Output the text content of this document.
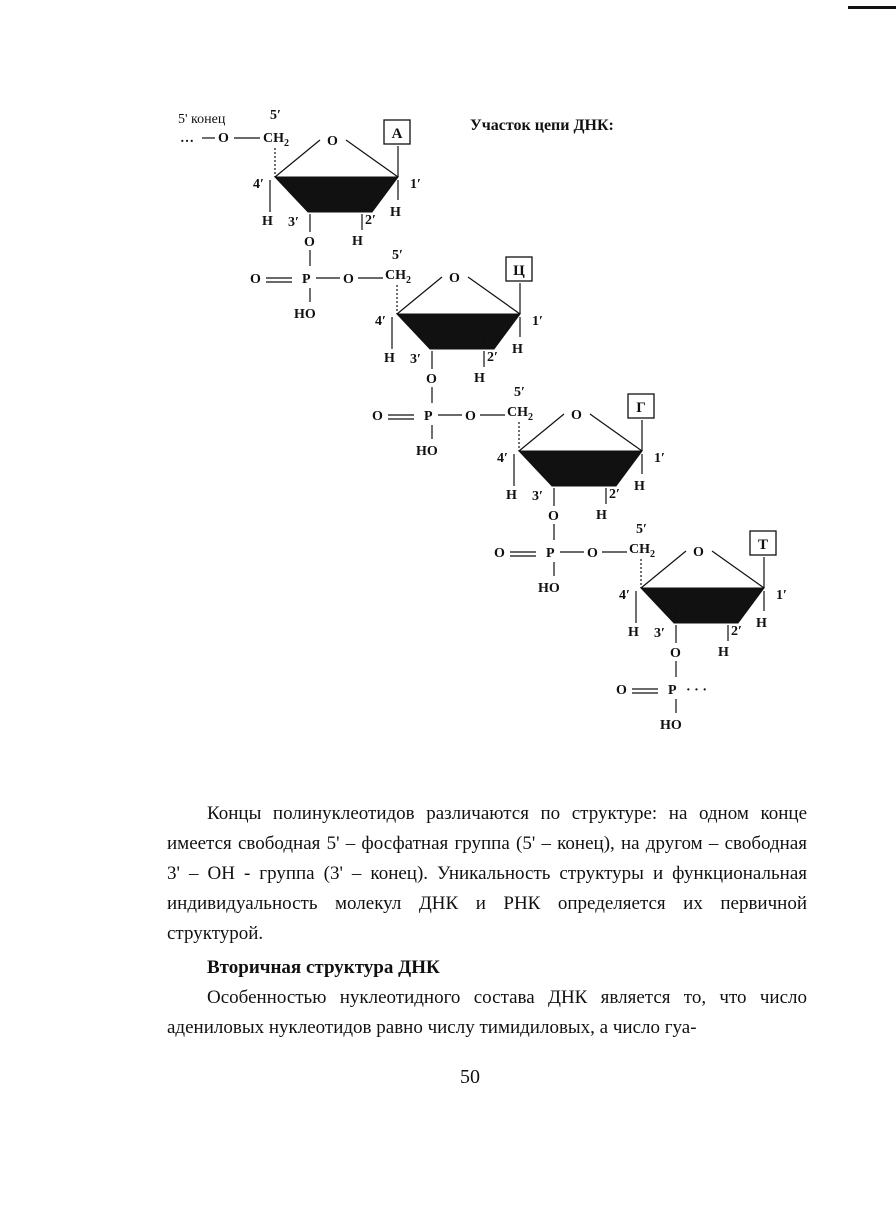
Участок цепи ДНК:
5' конец	5′
… O	А
O
$CH_2$
4′	1′
3′	2′
H	H
H
H
H
O
P
O
HO
O
5′
Ц
O
$CH_2$
4′	1′
3′	2′
H	H
H
H
H
O
P
O
HO
O
5′
Г
O
$CH_2$
4′	1′
3′	2′
H	H
H
H
H
O
P
O
HO
O
5′
Т
O
$CH_2$
4′	1′
3′	2′
H	H
H
H
H
O
P
O
HO
· · ·

Концы полинуклеотидов различаются по структуре: на одном конце имеется свободная 5' – фосфатная группа (5' – конец), на другом – свободная 3' – OH - группа (3' – конец). Уникальность структуры и функциональная индивидуальность молекул ДНК и РНК определяется их первичной структурой.

Вторичная структура ДНК

Особенностью нуклеотидного состава ДНК является то, что число адениловых нуклеотидов равно числу тимидиловых, а число гуа-

50
